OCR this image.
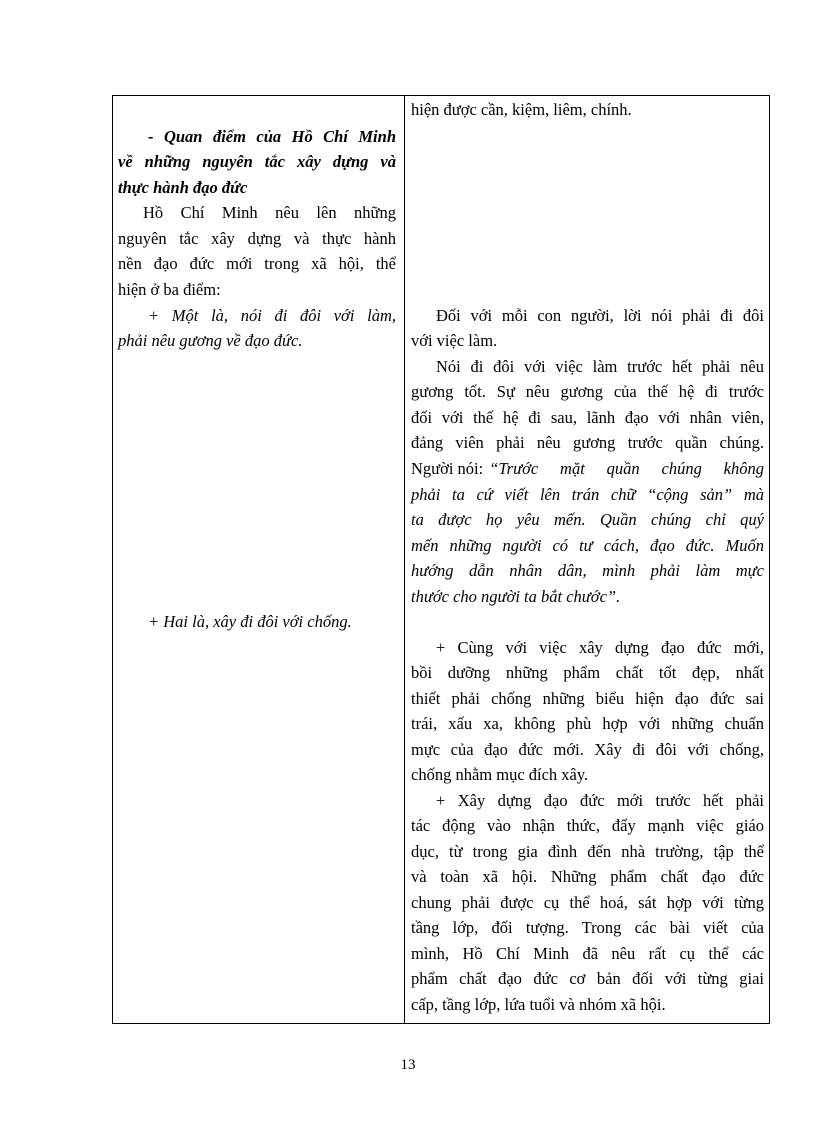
- Quan điểm của Hồ Chí Minh
về những nguyên tắc xây dựng và
thực hành đạo đức
Hồ Chí Minh nêu lên những
nguyên tắc xây dựng và thực hành
nền đạo đức mới trong xã hội, thể
hiện ở ba điểm:
+ Một là, nói đi đôi với làm,
phải nêu gương về đạo đức.
+ Hai là, xây đi đôi với chống.
hiện được cần, kiệm, liêm, chính.
Đối với mỗi con người, lời nói phải đi đôi
với việc làm.
Nói đi đôi với việc làm trước hết phải nêu
gương tốt. Sự nêu gương của thế hệ đi trước
đối với thế hệ đi sau, lãnh đạo với nhân viên,
đảng viên phải nêu gương trước quần chúng.
Người nói: “Trước mặt quần chúng không
phải ta cứ viết lên trán chữ “cộng sản” mà
ta được họ yêu mến. Quần chúng chỉ quý
mến những người có tư cách, đạo đức. Muốn
hướng dẫn nhân dân, mình phải làm mực
thước cho người ta bắt chước”.
+ Cùng với việc xây dựng đạo đức mới,
bồi dưỡng những phẩm chất tốt đẹp, nhất
thiết phải chống những biểu hiện đạo đức sai
trái, xấu xa, không phù hợp với những chuẩn
mực của đạo đức mới. Xây đi đôi với chống,
chống nhằm mục đích xây.
+ Xây dựng đạo đức mới trước hết phải
tác động vào nhận thức, đẩy mạnh việc giáo
dục, từ trong gia đình đến nhà trường, tập thể
và toàn xã hội. Những phẩm chất đạo đức
chung phải được cụ thể hoá, sát hợp với từng
tầng lớp, đối tượng. Trong các bài viết của
mình, Hồ Chí Minh đã nêu rất cụ thể các
phẩm chất đạo đức cơ bản đối với từng giai
cấp, tầng lớp, lứa tuổi và nhóm xã hội.
13
